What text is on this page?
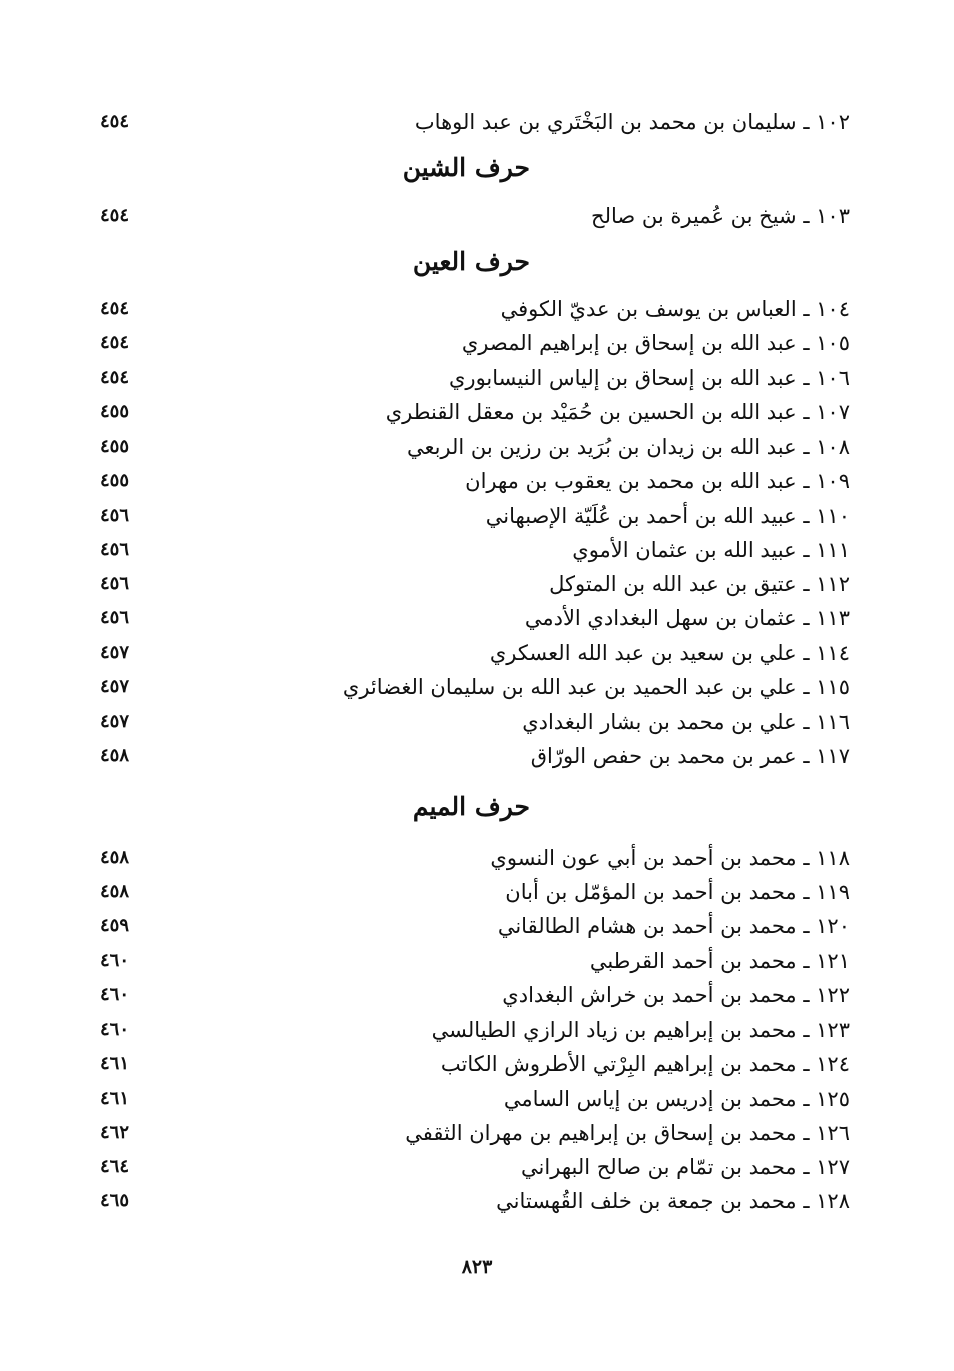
١٠٢ ـ سليمان بن محمد بن البَخْتَري بن عبد الوهاب
٤٥٤
حرف الشين
١٠٣ ـ شيخ بن عُميرة بن صالح
٤٥٤
حرف العين
١٠٤ ـ العباس بن يوسف بن عديّ الكوفي
٤٥٤
١٠٥ ـ عبد الله بن إسحاق بن إبراهيم المصري
٤٥٤
١٠٦ ـ عبد الله بن إسحاق بن إلياس النيسابوري
٤٥٤
١٠٧ ـ عبد الله بن الحسين بن حُمَيْد بن معقل القنطري
٤٥٥
١٠٨ ـ عبد الله بن زيدان بن بُرَيد بن رزين بن الربعي
٤٥٥
١٠٩ ـ عبد الله بن محمد بن يعقوب بن مهران
٤٥٥
١١٠ ـ عبيد الله بن أحمد بن عُلَيّة الإصبهاني
٤٥٦
١١١ ـ عبيد الله بن عثمان الأموي
٤٥٦
١١٢ ـ عتيق بن عبد الله بن المتوكل
٤٥٦
١١٣ ـ عثمان بن سهل البغدادي الأدمي
٤٥٦
١١٤ ـ علي بن سعيد بن عبد الله العسكري
٤٥٧
١١٥ ـ علي بن عبد الحميد بن عبد الله بن سليمان الغضائري
٤٥٧
١١٦ ـ علي بن محمد بن بشار البغدادي
٤٥٧
١١٧ ـ عمر بن محمد بن حفص الورّاق
٤٥٨
حرف الميم
١١٨ ـ محمد بن أحمد بن أبي عون النسوي
٤٥٨
١١٩ ـ محمد بن أحمد بن المؤمّل بن أبان
٤٥٨
١٢٠ ـ محمد بن أحمد بن هشام الطالقاني
٤٥٩
١٢١ ـ محمد بن أحمد القرطبي
٤٦٠
١٢٢ ـ محمد بن أحمد بن خراش البغدادي
٤٦٠
١٢٣ ـ محمد بن إبراهيم بن زياد الرازي الطيالسي
٤٦٠
١٢٤ ـ محمد بن إبراهيم البِرْتي الأطروش الكاتب
٤٦١
١٢٥ ـ محمد بن إدريس بن إياس السامي
٤٦١
١٢٦ ـ محمد بن إسحاق بن إبراهيم بن مهران الثقفي
٤٦٢
١٢٧ ـ محمد بن تمّام بن صالح البهراني
٤٦٤
١٢٨ ـ محمد بن جمعة بن خلف القُهستاني
٤٦٥
٨٢٣
